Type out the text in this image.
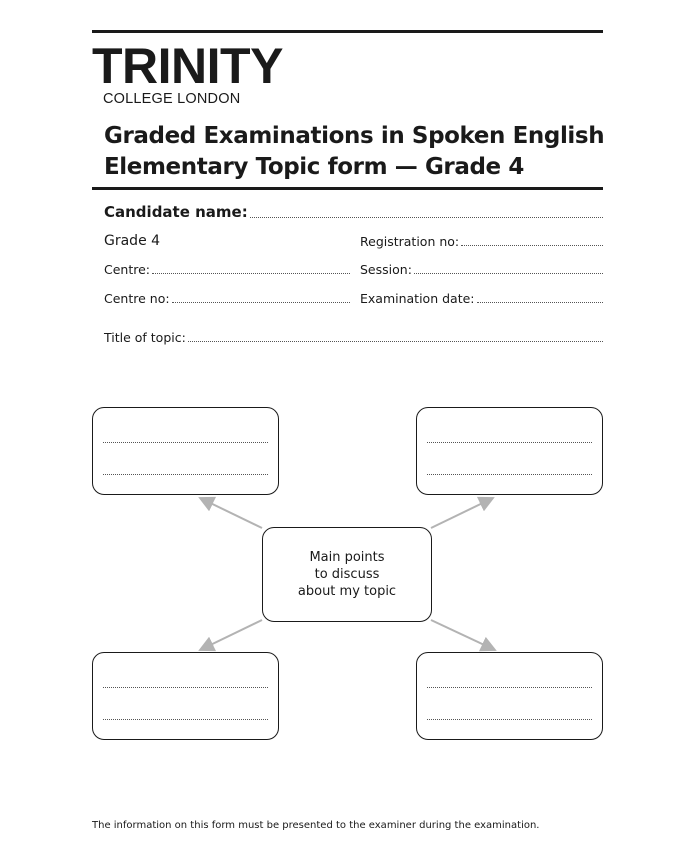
TRINITY
COLLEGE LONDON
Graded Examinations in Spoken English
Elementary Topic form — Grade 4
Candidate name:
Grade 4	Registration no:
Centre:	Session:
Centre no:	Examination date:
Title of topic:
Main points
to discuss
about my topic
The information on this form must be presented to the examiner during the examination.
